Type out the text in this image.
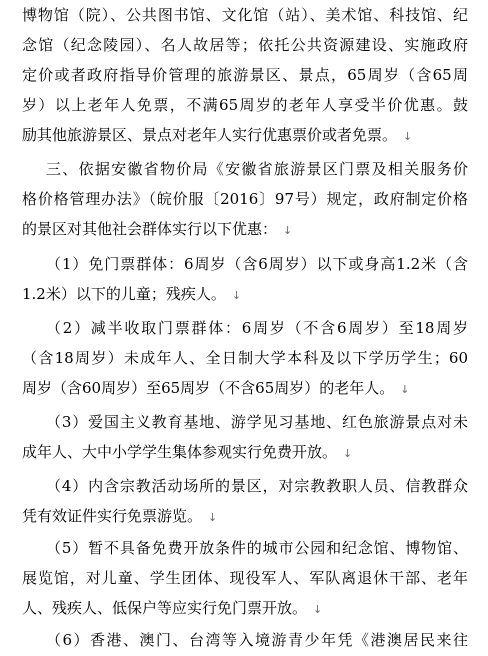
博物馆（院）、公共图书馆、文化馆（站）、美术馆、科技馆、纪
念馆（纪念陵园）、名人故居等；依托公共资源建设、实施政府
定价或者政府指导价管理的旅游景区、景点，65周岁（含65周
岁）以上老年人免票，不满65周岁的老年人享受半价优惠。鼓
励其他旅游景区、景点对老年人实行优惠票价或者免票。 ↓
三、依据安徽省物价局《安徽省旅游景区门票及相关服务价
格价格管理办法》（皖价服〔2016〕97号）规定，政府制定价格
的景区对其他社会群体实行以下优惠： ↓
（1）免门票群体：6周岁（含6周岁）以下或身高1.2米（含
1.2米）以下的儿童；残疾人。 ↓
（2）减半收取门票群体：6周岁（不含6周岁）至18周岁
（含18周岁）未成年人、全日制大学本科及以下学历学生；60
周岁（含60周岁）至65周岁（不含65周岁）的老年人。 ↓
（3）爱国主义教育基地、游学见习基地、红色旅游景点对未
成年人、大中小学学生集体参观实行免费开放。 ↓
（4）内含宗教活动场所的景区，对宗教教职人员、信教群众
凭有效证件实行免票游览。 ↓
（5）暂不具备免费开放条件的城市公园和纪念馆、博物馆、
展览馆，对儿童、学生团体、现役军人、军队离退休干部、老年
人、残疾人、低保户等应实行免门票开放。 ↓
（6）香港、澳门、台湾等入境游青少年凭《港澳居民来往
